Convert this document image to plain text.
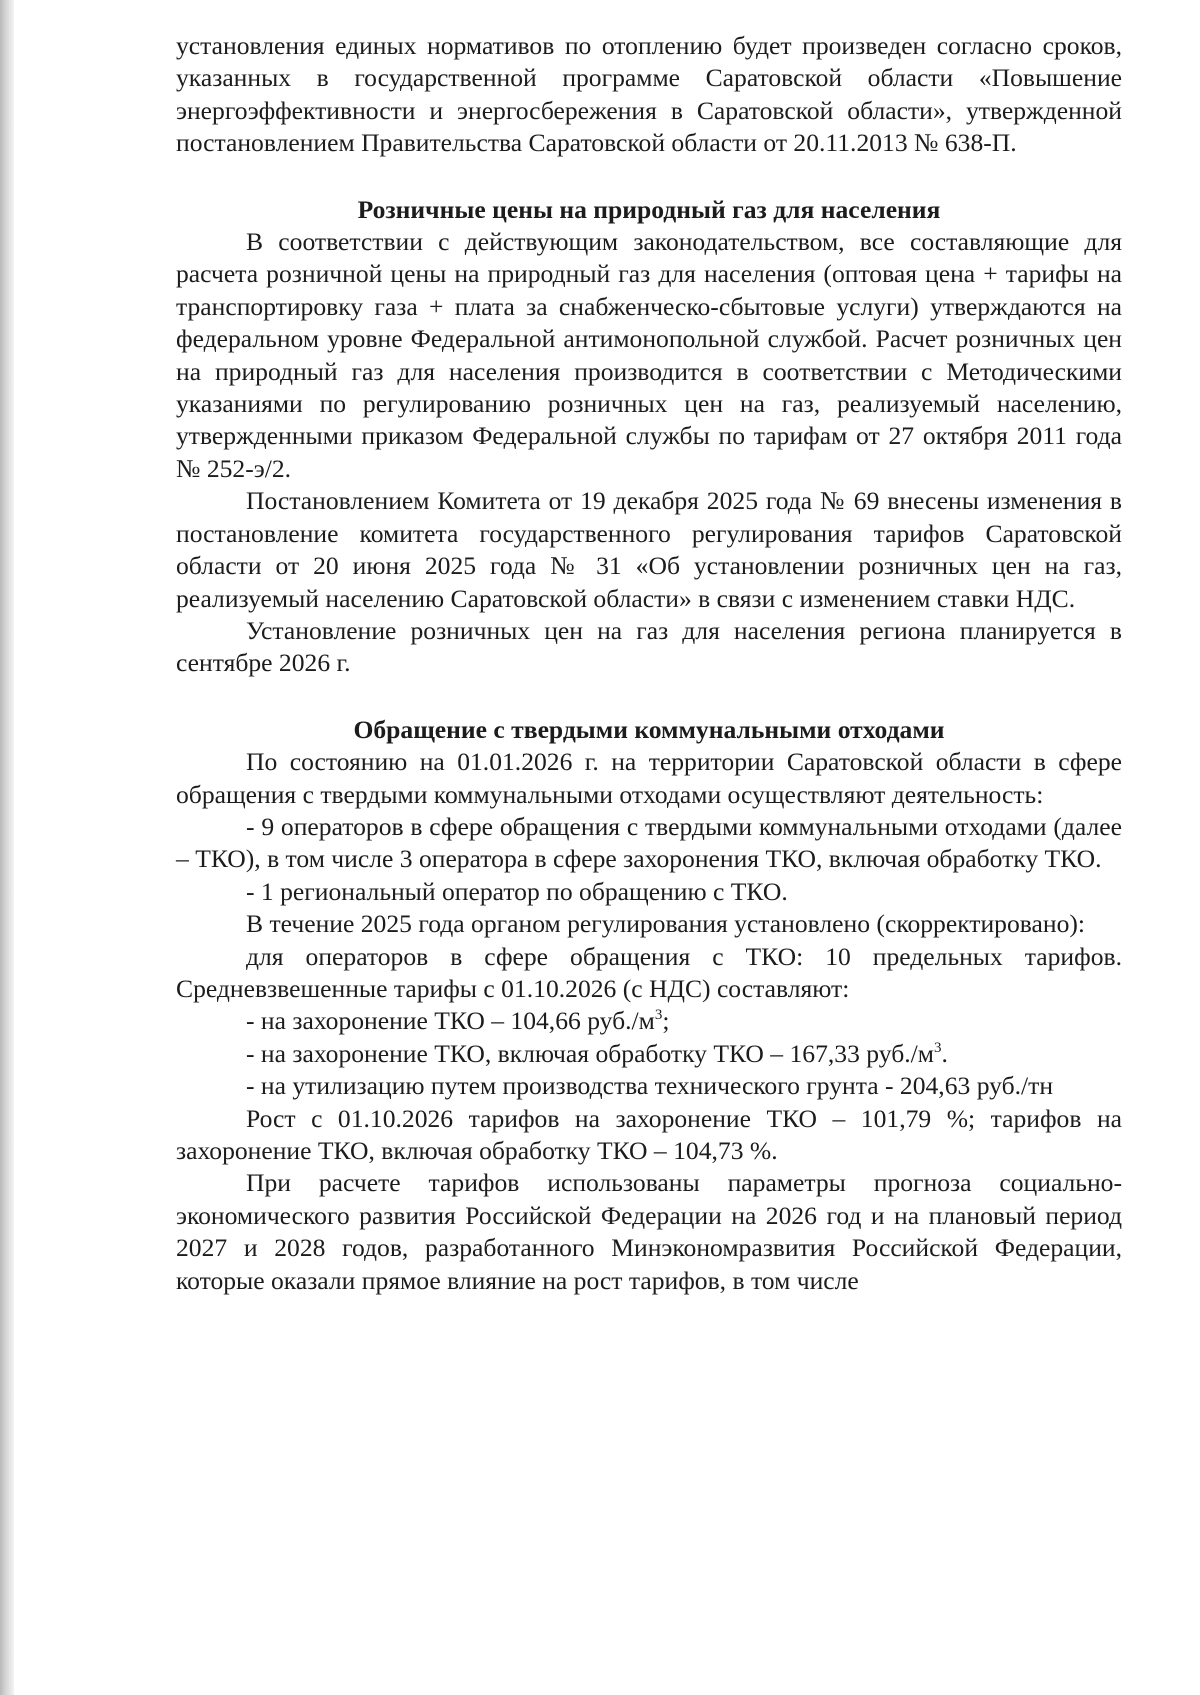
установления единых нормативов по отоплению будет произведен согласно сроков, указанных в государственной программе Саратовской области «Повышение энергоэффективности и энергосбережения в Саратовской области», утвержденной постановлением Правительства Саратовской области от 20.11.2013 № 638-П.

Розничные цены на природный газ для населения

В соответствии с действующим законодательством, все составляющие для расчета розничной цены на природный газ для населения (оптовая цена + тарифы на транспортировку газа + плата за снабженческо-сбытовые услуги) утверждаются на федеральном уровне Федеральной антимонопольной службой. Расчет розничных цен на природный газ для населения производится в соответствии с Методическими указаниями по регулированию розничных цен на газ, реализуемый населению, утвержденными приказом Федеральной службы по тарифам от 27 октября 2011 года № 252-э/2.

Постановлением Комитета от 19 декабря 2025 года № 69 внесены изменения в постановление комитета государственного регулирования тарифов Саратовской области от 20 июня 2025 года № 31 «Об установлении розничных цен на газ, реализуемый населению Саратовской области» в связи с изменением ставки НДС.

Установление розничных цен на газ для населения региона планируется в сентябре 2026 г.

Обращение с твердыми коммунальными отходами

По состоянию на 01.01.2026 г. на территории Саратовской области в сфере обращения с твердыми коммунальными отходами осуществляют деятельность:

- 9 операторов в сфере обращения с твердыми коммунальными отходами (далее – ТКО), в том числе 3 оператора в сфере захоронения ТКО, включая обработку ТКО.

- 1 региональный оператор по обращению с ТКО.

В течение 2025 года органом регулирования установлено (скорректировано):

для операторов в сфере обращения с ТКО: 10 предельных тарифов. Средневзвешенные тарифы с 01.10.2026 (с НДС) составляют:

- на захоронение ТКО – 104,66 $руб./м^3$;

- на захоронение ТКО, включая обработку ТКО – 167,33 $руб./м^3$.

- на утилизацию путем производства технического грунта - 204,63 руб./тн

Рост с 01.10.2026 тарифов на захоронение ТКО – 101,79 %; тарифов на захоронение ТКО, включая обработку ТКО – 104,73 %.

При расчете тарифов использованы параметры прогноза социально-экономического развития Российской Федерации на 2026 год и на плановый период 2027 и 2028 годов, разработанного Минэкономразвития Российской Федерации, которые оказали прямое влияние на рост тарифов, в том числе
